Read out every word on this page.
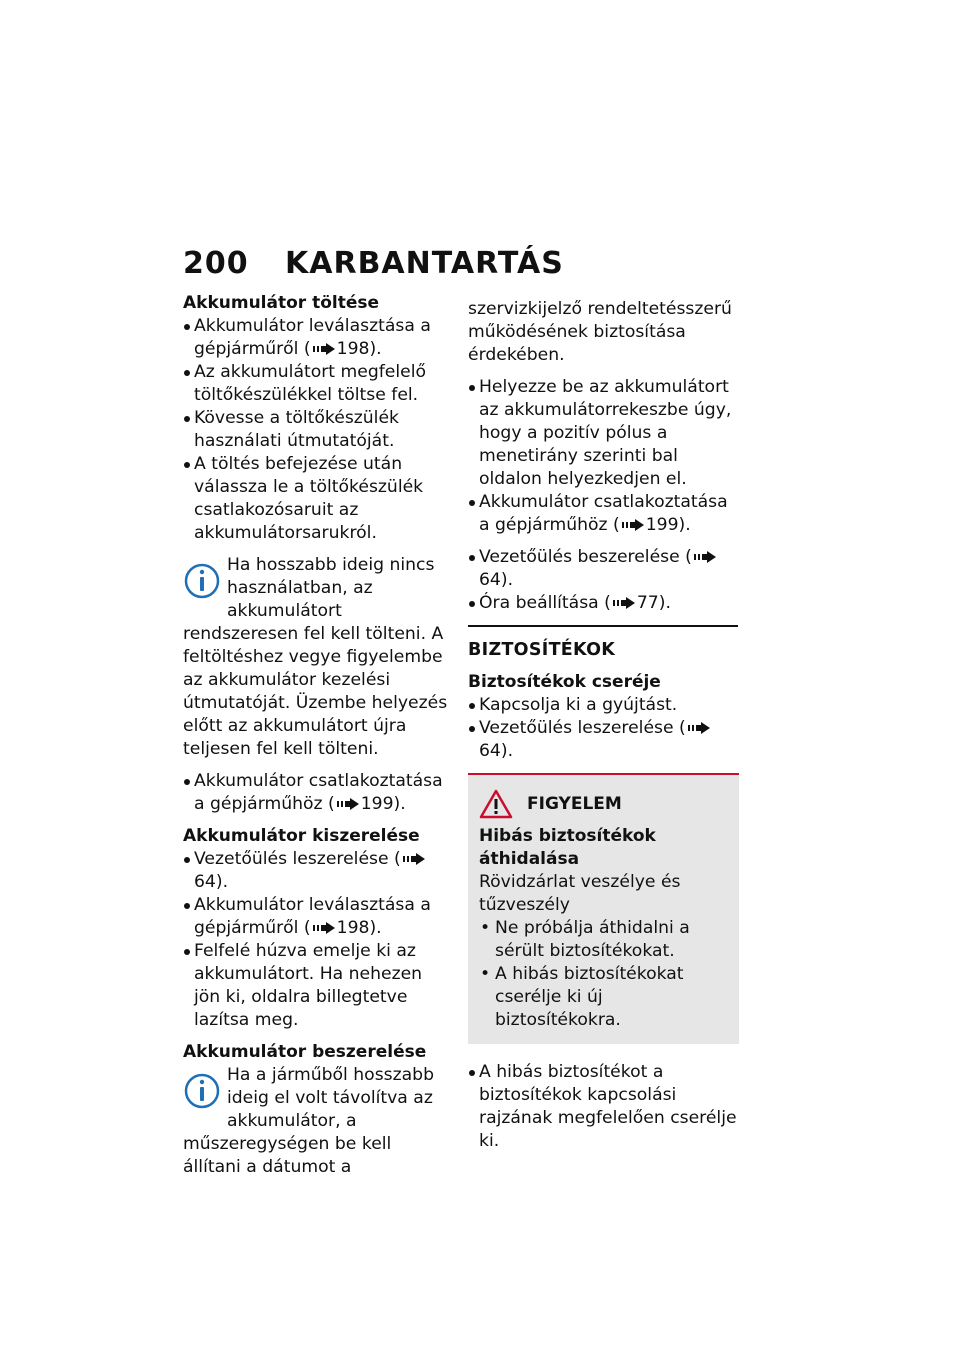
200	KARBANTARTÁS
Akkumulátor töltése
Akkumulátor leválasztása a gépjárműről ( 198).
Az akkumulátort megfelelő töltőkészülékkel töltse fel.
Kövesse a töltőkészülék használati útmutatóját.
A töltés befejezése után válassza le a töltőkészülék csatlakozósaruit az akkumulátorsarukról.
Ha hosszabb ideig nincs használatban, az akkumulátort rendszeresen fel kell tölteni. A feltöltéshez vegye figyelembe az akkumulátor kezelési útmutatóját. Üzembe helyezés előtt az akkumulátort újra teljesen fel kell tölteni.
Akkumulátor csatlakoztatása a gépjárműhöz ( 199).
Akkumulátor kiszerelése
Vezetőülés leszerelése (64).
Akkumulátor leválasztása a gépjárműről ( 198).
Felfelé húzva emelje ki az akkumulátort. Ha nehezen jön ki, oldalra billegtetve lazítsa meg.
Akkumulátor beszerelése
Ha a járműből hosszabb ideig el volt távolítva az akkumulátor, a műszeregységen be kell állítani a dátumot a
szervizkijelző rendeltetésszerű működésének biztosítása érdekében.
Helyezze be az akkumulátort az akkumulátorrekeszbe úgy, hogy a pozitív pólus a menetirány szerinti bal oldalon helyezkedjen el.
Akkumulátor csatlakoztatása a gépjárműhöz ( 199).
Vezetőülés beszerelése (64).
Óra beállítása ( 77).
BIZTOSÍTÉKOK
Biztosítékok cseréje
Kapcsolja ki a gyújtást.
Vezetőülés leszerelése (64).
FIGYELEM
Hibás biztosítékok áthidalása
Rövidzárlat veszélye és tűzveszély
• Ne próbálja áthidalni a sérült biztosítékokat.
• A hibás biztosítékokat cserélje ki új biztosítékokra.
A hibás biztosítékot a biztosítékok kapcsolási rajzának megfelelően cserélje ki.
